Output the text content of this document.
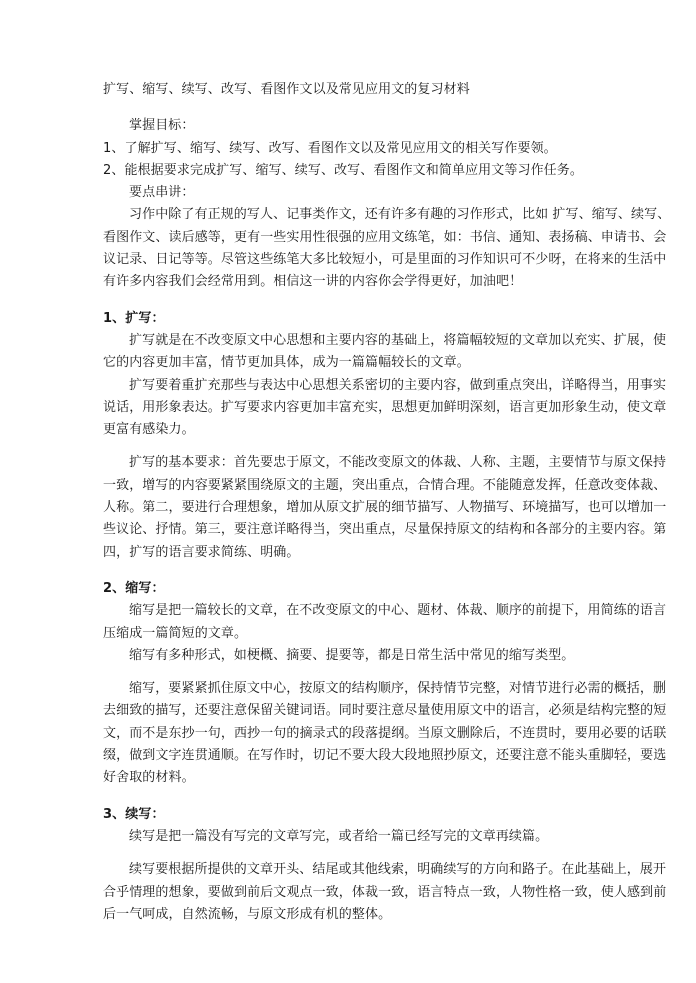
扩写、缩写、续写、改写、看图作文以及常见应用文的复习材料
掌握目标：
1、了解扩写、缩写、续写、改写、看图作文以及常见应用文的相关写作要领。
2、能根据要求完成扩写、缩写、续写、改写、看图作文和简单应用文等习作任务。
要点串讲：
习作中除了有正规的写人、记事类作文，还有许多有趣的习作形式，比如 扩写、缩写、续写、
看图作文、读后感等，更有一些实用性很强的应用文练笔，如：书信、通知、表扬稿、申请书、会
议记录、日记等等。尽管这些练笔大多比较短小，可是里面的习作知识可不少呀，在将来的生活中
有许多内容我们会经常用到。相信这一讲的内容你会学得更好，加油吧！
1、扩写：
扩写就是在不改变原文中心思想和主要内容的基础上，将篇幅较短的文章加以充实、扩展，使
它的内容更加丰富，情节更加具体，成为一篇篇幅较长的文章。
扩写要着重扩充那些与表达中心思想关系密切的主要内容，做到重点突出，详略得当，用事实
说话，用形象表达。扩写要求内容更加丰富充实，思想更加鲜明深刻，语言更加形象生动，使文章
更富有感染力。
扩写的基本要求：首先要忠于原文，不能改变原文的体裁、人称、主题，主要情节与原文保持
一致，增写的内容要紧紧围绕原文的主题，突出重点，合情合理。不能随意发挥，任意改变体裁、
人称。第二，要进行合理想象，增加从原文扩展的细节描写、人物描写、环境描写，也可以增加一
些议论、抒情。第三，要注意详略得当，突出重点，尽量保持原文的结构和各部分的主要内容。第
四，扩写的语言要求简练、明确。
2、缩写：
缩写是把一篇较长的文章，在不改变原文的中心、题材、体裁、顺序的前提下，用简练的语言
压缩成一篇简短的文章。
缩写有多种形式，如梗概、摘要、提要等，都是日常生活中常见的缩写类型。
缩写，要紧紧抓住原文中心，按原文的结构顺序，保持情节完整，对情节进行必需的概括，删
去细致的描写，还要注意保留关键词语。同时要注意尽量使用原文中的语言，必须是结构完整的短
文，而不是东抄一句，西抄一句的摘录式的段落提纲。当原文删除后，不连贯时，要用必要的话联
缀，做到文字连贯通顺。在写作时，切记不要大段大段地照抄原文，还要注意不能头重脚轻，要选
好舍取的材料。
3、续写：
续写是把一篇没有写完的文章写完，或者给一篇已经写完的文章再续篇。
续写要根据所提供的文章开头、结尾或其他线索，明确续写的方向和路子。在此基础上，展开
合乎情理的想象，要做到前后文观点一致，体裁一致，语言特点一致，人物性格一致，使人感到前
后一气呵成，自然流畅，与原文形成有机的整体。
